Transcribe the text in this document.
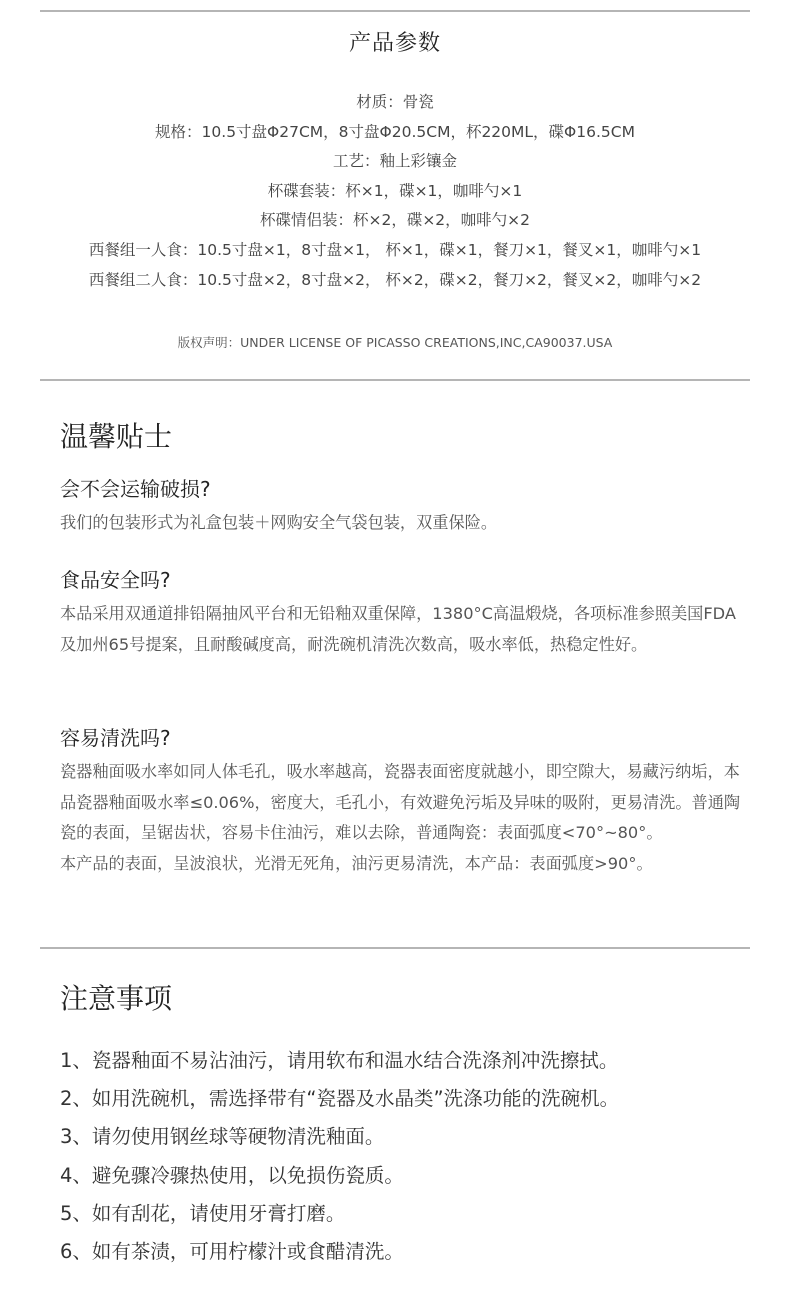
产品参数
材质：骨瓷
规格：10.5寸盘Φ27CM，8寸盘Φ20.5CM，杯220ML，碟Φ16.5CM
工艺：釉上彩镶金
杯碟套装：杯×1，碟×1，咖啡勺×1
杯碟情侣装：杯×2，碟×2，咖啡勺×2
西餐组一人食：10.5寸盘×1，8寸盘×1， 杯×1，碟×1，餐刀×1，餐叉×1，咖啡勺×1
西餐组二人食：10.5寸盘×2，8寸盘×2， 杯×2，碟×2，餐刀×2，餐叉×2，咖啡勺×2
版权声明：UNDER LICENSE OF PICASSO CREATIONS,INC,CA90037.USA
温馨贴士
会不会运输破损?

我们的包装形式为礼盒包装＋网购安全气袋包装，双重保险。

食品安全吗?

本品采用双通道排铅隔抽风平台和无铅釉双重保障，1380°C高温煅烧，各项标准参照美国FDA及加州65号提案，且耐酸碱度高，耐洗碗机清洗次数高，吸水率低，热稳定性好。

容易清洗吗?

瓷器釉面吸水率如同人体毛孔，吸水率越高，瓷器表面密度就越小，即空隙大，易藏污纳垢，本品瓷器釉面吸水率≤0.06%，密度大，毛孔小，有效避免污垢及异味的吸附，更易清洗。普通陶瓷的表面，呈锯齿状，容易卡住油污，难以去除，普通陶瓷：表面弧度<70°~80°。

本产品的表面，呈波浪状，光滑无死角，油污更易清洗，本产品：表面弧度>90°。

注意事项
1、瓷器釉面不易沾油污，请用软布和温水结合洗涤剂冲洗擦拭。
2、如用洗碗机，需选择带有“瓷器及水晶类”洗涤功能的洗碗机。
3、请勿使用钢丝球等硬物清洗釉面。
4、避免骤冷骤热使用，以免损伤瓷质。
5、如有刮花，请使用牙膏打磨。
6、如有茶渍，可用柠檬汁或食醋清洗。
